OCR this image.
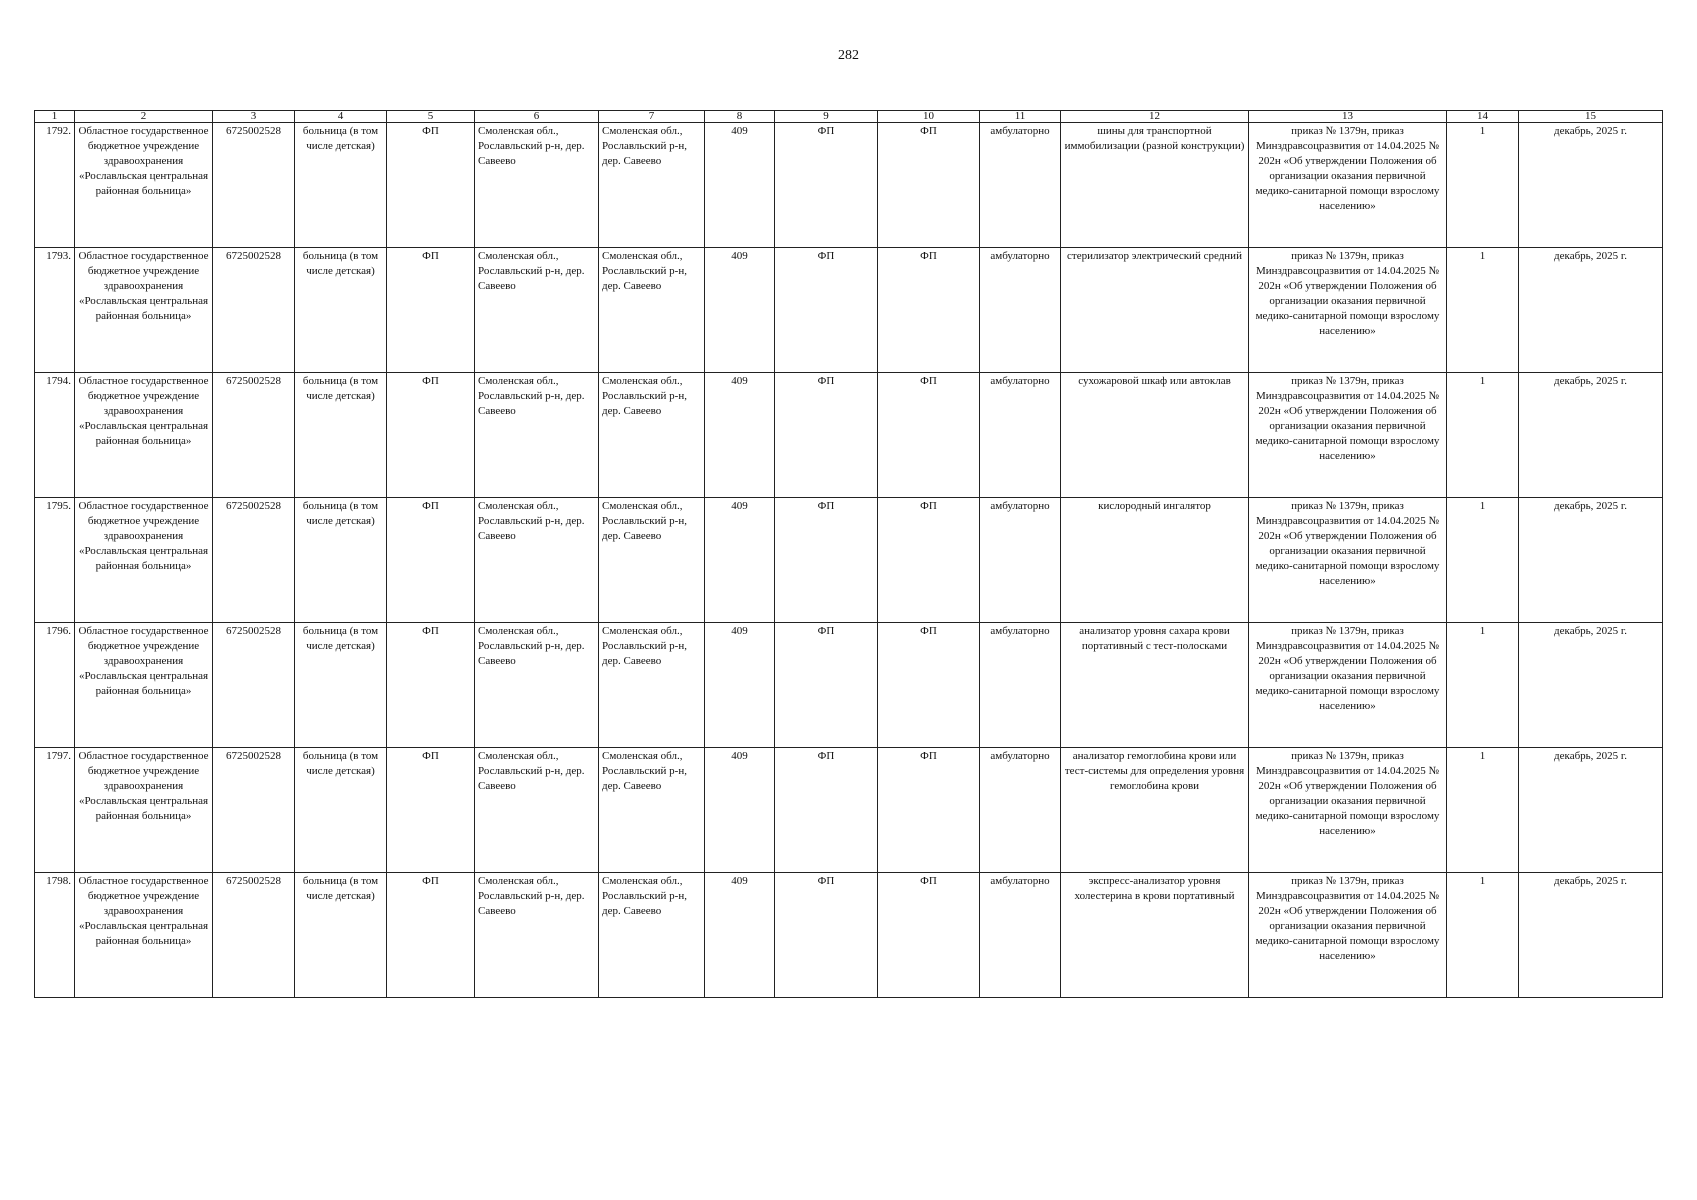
282
1	2	3	4	5	6	7	8	9	10	11	12	13	14	15
1792.	Областное государственное бюджетное учреждение здравоохранения «Рославльская центральная районная больница»	6725002528	больница (в том числе детская)	ФП	Смоленская обл., Рославльский р-н, дер. Савеево	Смоленская обл., Рославльский р-н, дер. Савеево	409	ФП	ФП	амбулаторно	шины для транспортной иммобилизации (разной конструкции)	приказ № 1379н, приказ Минздравсоцразвития от 14.04.2025 № 202н «Об утверждении Положения об организации оказания первичной медико-санитарной помощи взрослому населению»	1	декабрь, 2025 г.
1793.	Областное государственное бюджетное учреждение здравоохранения «Рославльская центральная районная больница»	6725002528	больница (в том числе детская)	ФП	Смоленская обл., Рославльский р-н, дер. Савеево	Смоленская обл., Рославльский р-н, дер. Савеево	409	ФП	ФП	амбулаторно	стерилизатор электрический средний	приказ № 1379н, приказ Минздравсоцразвития от 14.04.2025 № 202н «Об утверждении Положения об организации оказания первичной медико-санитарной помощи взрослому населению»	1	декабрь, 2025 г.
1794.	Областное государственное бюджетное учреждение здравоохранения «Рославльская центральная районная больница»	6725002528	больница (в том числе детская)	ФП	Смоленская обл., Рославльский р-н, дер. Савеево	Смоленская обл., Рославльский р-н, дер. Савеево	409	ФП	ФП	амбулаторно	сухожаровой шкаф или автоклав	приказ № 1379н, приказ Минздравсоцразвития от 14.04.2025 № 202н «Об утверждении Положения об организации оказания первичной медико-санитарной помощи взрослому населению»	1	декабрь, 2025 г.
1795.	Областное государственное бюджетное учреждение здравоохранения «Рославльская центральная районная больница»	6725002528	больница (в том числе детская)	ФП	Смоленская обл., Рославльский р-н, дер. Савеево	Смоленская обл., Рославльский р-н, дер. Савеево	409	ФП	ФП	амбулаторно	кислородный ингалятор	приказ № 1379н, приказ Минздравсоцразвития от 14.04.2025 № 202н «Об утверждении Положения об организации оказания первичной медико-санитарной помощи взрослому населению»	1	декабрь, 2025 г.
1796.	Областное государственное бюджетное учреждение здравоохранения «Рославльская центральная районная больница»	6725002528	больница (в том числе детская)	ФП	Смоленская обл., Рославльский р-н, дер. Савеево	Смоленская обл., Рославльский р-н, дер. Савеево	409	ФП	ФП	амбулаторно	анализатор уровня сахара крови портативный с тест-полосками	приказ № 1379н, приказ Минздравсоцразвития от 14.04.2025 № 202н «Об утверждении Положения об организации оказания первичной медико-санитарной помощи взрослому населению»	1	декабрь, 2025 г.
1797.	Областное государственное бюджетное учреждение здравоохранения «Рославльская центральная районная больница»	6725002528	больница (в том числе детская)	ФП	Смоленская обл., Рославльский р-н, дер. Савеево	Смоленская обл., Рославльский р-н, дер. Савеево	409	ФП	ФП	амбулаторно	анализатор гемоглобина крови или тест-системы для определения уровня гемоглобина крови	приказ № 1379н, приказ Минздравсоцразвития от 14.04.2025 № 202н «Об утверждении Положения об организации оказания первичной медико-санитарной помощи взрослому населению»	1	декабрь, 2025 г.
1798.	Областное государственное бюджетное учреждение здравоохранения «Рославльская центральная районная больница»	6725002528	больница (в том числе детская)	ФП	Смоленская обл., Рославльский р-н, дер. Савеево	Смоленская обл., Рославльский р-н, дер. Савеево	409	ФП	ФП	амбулаторно	экспресс-анализатор уровня холестерина в крови портативный	приказ № 1379н, приказ Минздравсоцразвития от 14.04.2025 № 202н «Об утверждении Положения об организации оказания первичной медико-санитарной помощи взрослому населению»	1	декабрь, 2025 г.
